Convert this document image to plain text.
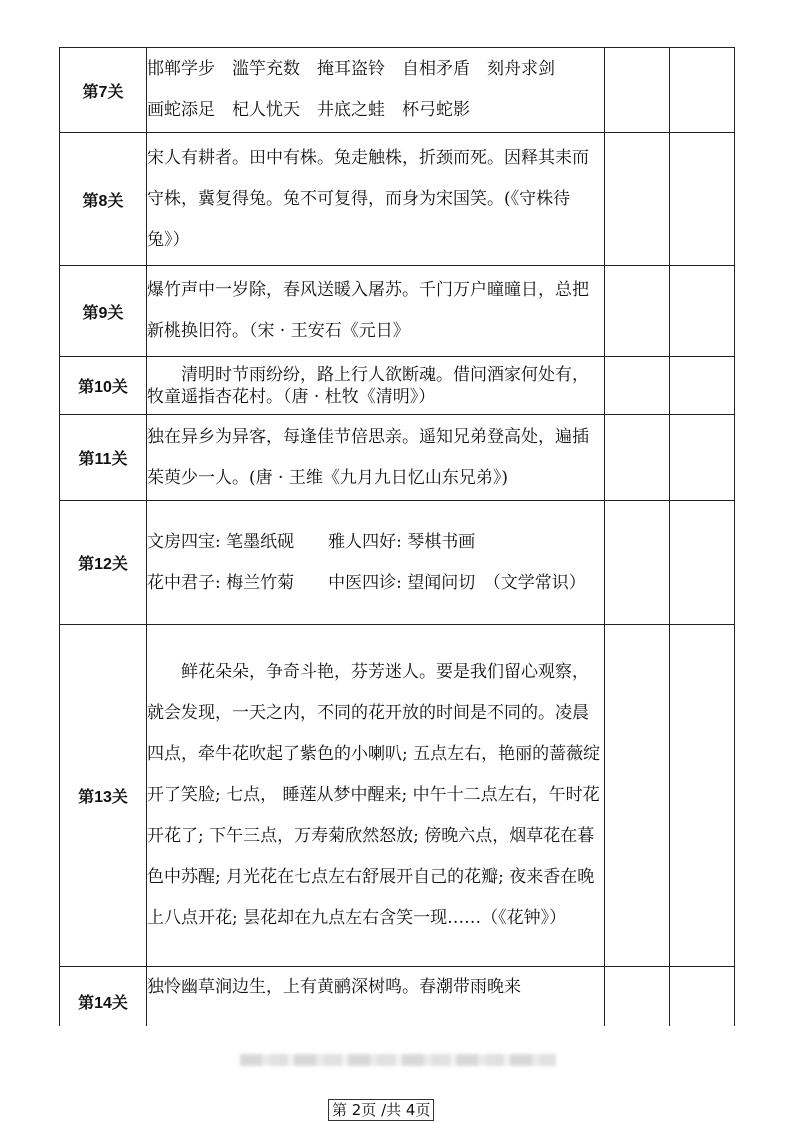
第7关	邯郸学步　滥竽充数　掩耳盗铃　自相矛盾　刻舟求剑
画蛇添足　杞人忧天　井底之蛙　杯弓蛇影		

第8关	宋人有耕者。田中有株。兔走触株，折颈而死。因释其耒而守株，冀复得兔。兔不可复得，而身为宋国笑。(《守株待兔》）		
第9关	爆竹声中一岁除，春风送暖入屠苏。千门万户曈曈日，总把新桃换旧符。（宋 · 王安石《元日》		
第10关	清明时节雨纷纷，路上行人欲断魂。借问酒家何处有，牧童遥指杏花村。（唐 · 杜牧《清明》）		
第11关	独在异乡为异客，每逢佳节倍思亲。遥知兄弟登高处，遍插茱萸少一人。(唐 · 王维《九月九日忆山东兄弟》)		
第12关	文房四宝: 笔墨纸砚　　雅人四好: 琴棋书画
花中君子: 梅兰竹菊　　中医四诊: 望闻问切　（文学常识）		

第13关	鲜花朵朵，争奇斗艳，芬芳迷人。要是我们留心观察，就会发现，一天之内，不同的花开放的时间是不同的。凌晨四点，牵牛花吹起了紫色的小喇叭; 五点左右，艳丽的蔷薇绽开了笑脸; 七点， 睡莲从梦中醒来; 中午十二点左右，午时花开花了; 下午三点，万寿菊欣然怒放; 傍晚六点，烟草花在暮色中苏醒; 月光花在七点左右舒展开自己的花瓣; 夜来香在晚上八点开花; 昙花却在九点左右含笑一现……（《花钟》）		
第14关	独怜幽草涧边生，上有黄鹂深树鸣。春潮带雨晚来		
第 2页 /共 4页
